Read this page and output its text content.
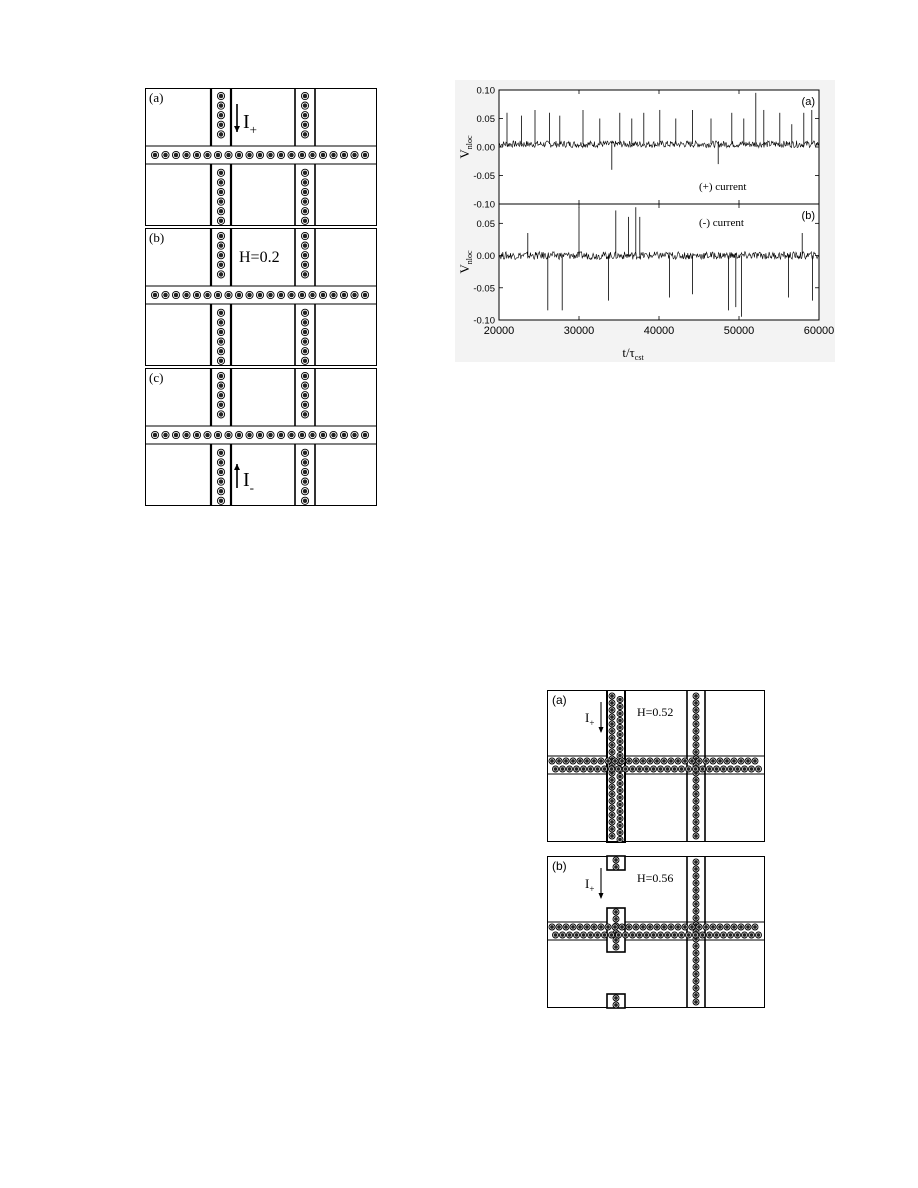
(a)
$I_+$
(b)
H=0.2
(c)
$I_-$
0.10
0.05
0.00
-0.05
-0.10
(a)
(+) current
$V_{nloc}$
0.05
0.00
-0.05
-0.10
(b)
(-) current
$V_{nloc}$
20000	30000	40000	50000	60000
$t/\tau_{cst}$
(a)
H=0.52
$I_+$
(b)
H=0.56
$I_+$
